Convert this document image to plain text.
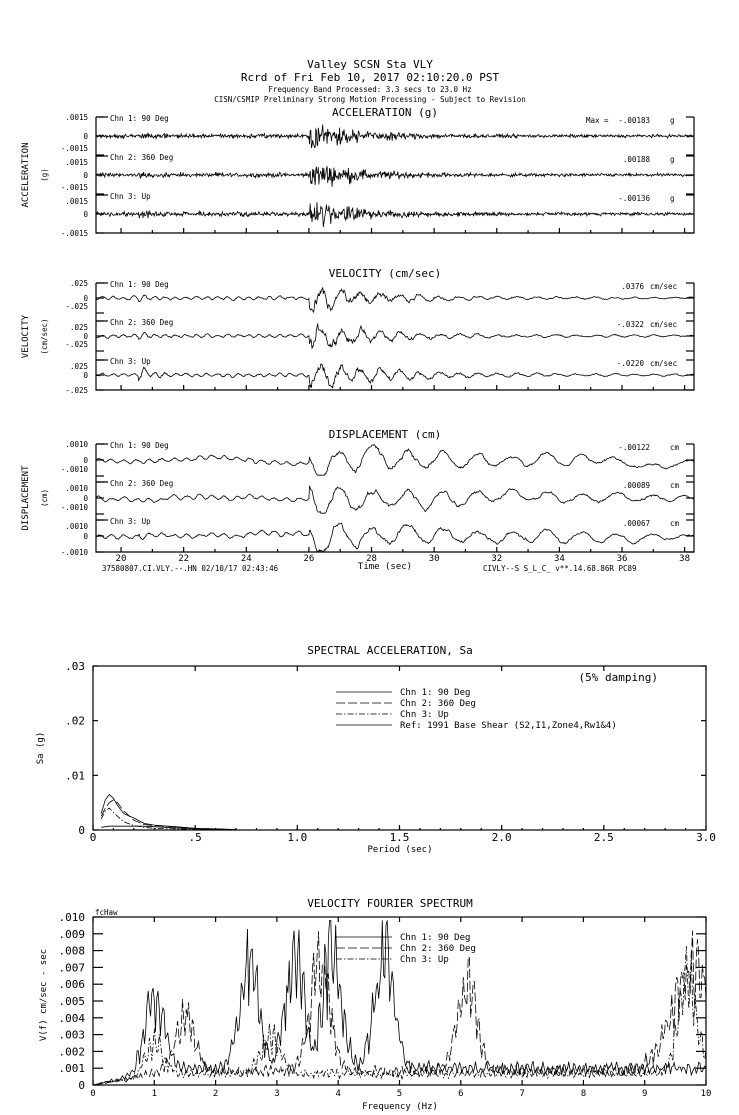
Valley SCSN Sta VLY
Rcrd of Fri Feb 10, 2017 02:10:20.0 PST
Frequency Band Processed: 3.3 secs to 23.0 Hz
CISN/CSMIP Preliminary Strong Motion Processing - Subject to Revision
ACCELERATION (g)
ACCELERATION (g)
.0015
0
-.0015
Chn 1: 90 Deg	Max = -.00183	g
.0015
0
-.0015
Chn 2: 360 Deg	.00188	g
.0015
0
-.0015
Chn 3: Up	-.00136	g
VELOCITY (cm/sec)
VELOCITY (cm/sec)
.025
0
-.025
Chn 1: 90 Deg	.0376 cm/sec
.025
0
-.025
Chn 2: 360 Deg	-.0322 cm/sec
.025
0
-.025
Chn 3: Up	-.0220 cm/sec
DISPLACEMENT (cm)
DISPLACEMENT (cm)
.0010
0
-.0010
Chn 1: 90 Deg	-.00122	cm
.0010
0
-.0010
Chn 2: 360 Deg	.00089	cm
.0010
0
-.0010
Chn 3: Up	.00067	cm
20	22	24	26	28	30	32	34	36	38
Time (sec)
37580807.CI.VLY.--.HN 02/10/17 02:43:46	CIVLY--S S_L_C_ v**.14.68.86R PC89
SPECTRAL ACCELERATION, Sa
(5% damping)
Sa (g)
Period (sec)
0	.5	1.0	1.5	2.0	2.5	3.0
0
.01
.02
.03
Chn 1: 90 Deg
Chn 2: 360 Deg
Chn 3: Up
Ref: 1991 Base Shear (S2,I1,Zone4,Rw1&4)
VELOCITY FOURIER SPECTRUM
fcHaw
V(f) cm/sec - sec
Frequency (Hz)
0	1	2	3	4	5	6	7	8	9	10
0
.001
.002
.003
.004
.005
.006
.007
.008
.009
.010
Chn 1: 90 Deg
Chn 2: 360 Deg
Chn 3: Up
